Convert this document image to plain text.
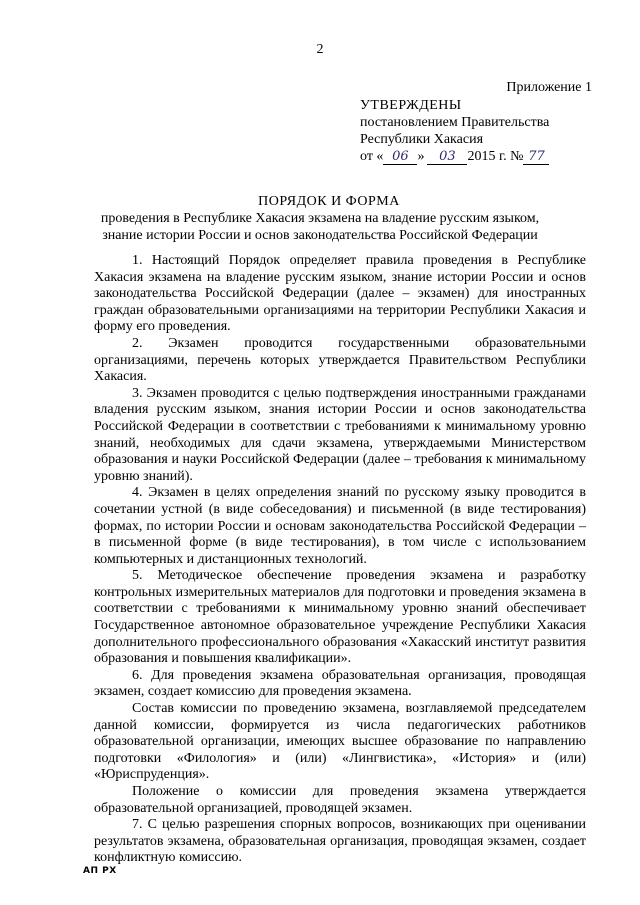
2
Приложение 1
УТВЕРЖДЕНЫ
постановлением Правительства
Республики Хакасия
от « 06 » 03 2015 г. № 77
ПОРЯДОК И ФОРМА
проведения в Республике Хакасия экзамена на владение русским языком,
знание истории России и основ законодательства Российской Федерации

1. Настоящий Порядок определяет правила проведения в Республике Хакасия экзамена на владение русским языком, знание истории России и основ законодательства Российской Федерации (далее – экзамен) для иностранных граждан образовательными организациями на территории Республики Хакасия и форму его проведения.

2. Экзамен проводится государственными образовательными организациями, перечень которых утверждается Правительством Республики Хакасия.

3. Экзамен проводится с целью подтверждения иностранными гражданами владения русским языком, знания истории России и основ законодательства Российской Федерации в соответствии с требованиями к минимальному уровню знаний, необходимых для сдачи экзамена, утверждаемыми Министерством образования и науки Российской Федерации (далее – требования к минимальному уровню знаний).

4. Экзамен в целях определения знаний по русскому языку проводится в сочетании устной (в виде собеседования) и письменной (в виде тестирования) формах, по истории России и основам законодательства Российской Федерации – в письменной форме (в виде тестирования), в том числе с использованием компьютерных и дистанционных технологий.

5. Методическое обеспечение проведения экзамена и разработку контрольных измерительных материалов для подготовки и проведения экзамена в соответствии с требованиями к минимальному уровню знаний обеспечивает Государственное автономное образовательное учреждение Республики Хакасия дополнительного профессионального образования «Хакасский институт развития образования и повышения квалификации».

6. Для проведения экзамена образовательная организация, проводящая экзамен, создает комиссию для проведения экзамена.

Состав комиссии по проведению экзамена, возглавляемой председателем данной комиссии, формируется из числа педагогических работников образовательной организации, имеющих высшее образование по направлению подготовки «Филология» и (или) «Лингвистика», «История» и (или) «Юриспруденция».

Положение о комиссии для проведения экзамена утверждается образовательной организацией, проводящей экзамен.

7. С целью разрешения спорных вопросов, возникающих при оценивании результатов экзамена, образовательная организация, проводящая экзамен, создает конфликтную комиссию.

АП РХ
